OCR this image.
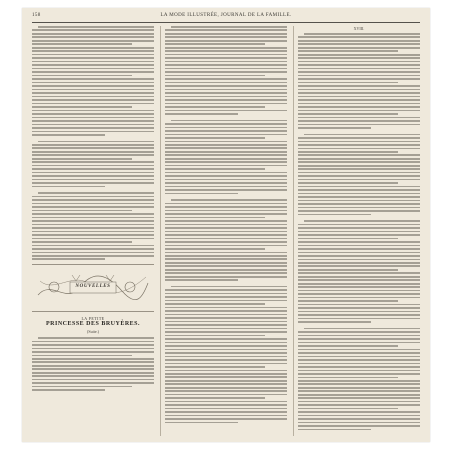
158	LA MODE ILLUSTRÉE, JOURNAL DE LA FAMILLE.
NOUVELLES
LA PETITE
PRINCESSE DES BRUYÈRES.
(Suite.)
XVIII.
